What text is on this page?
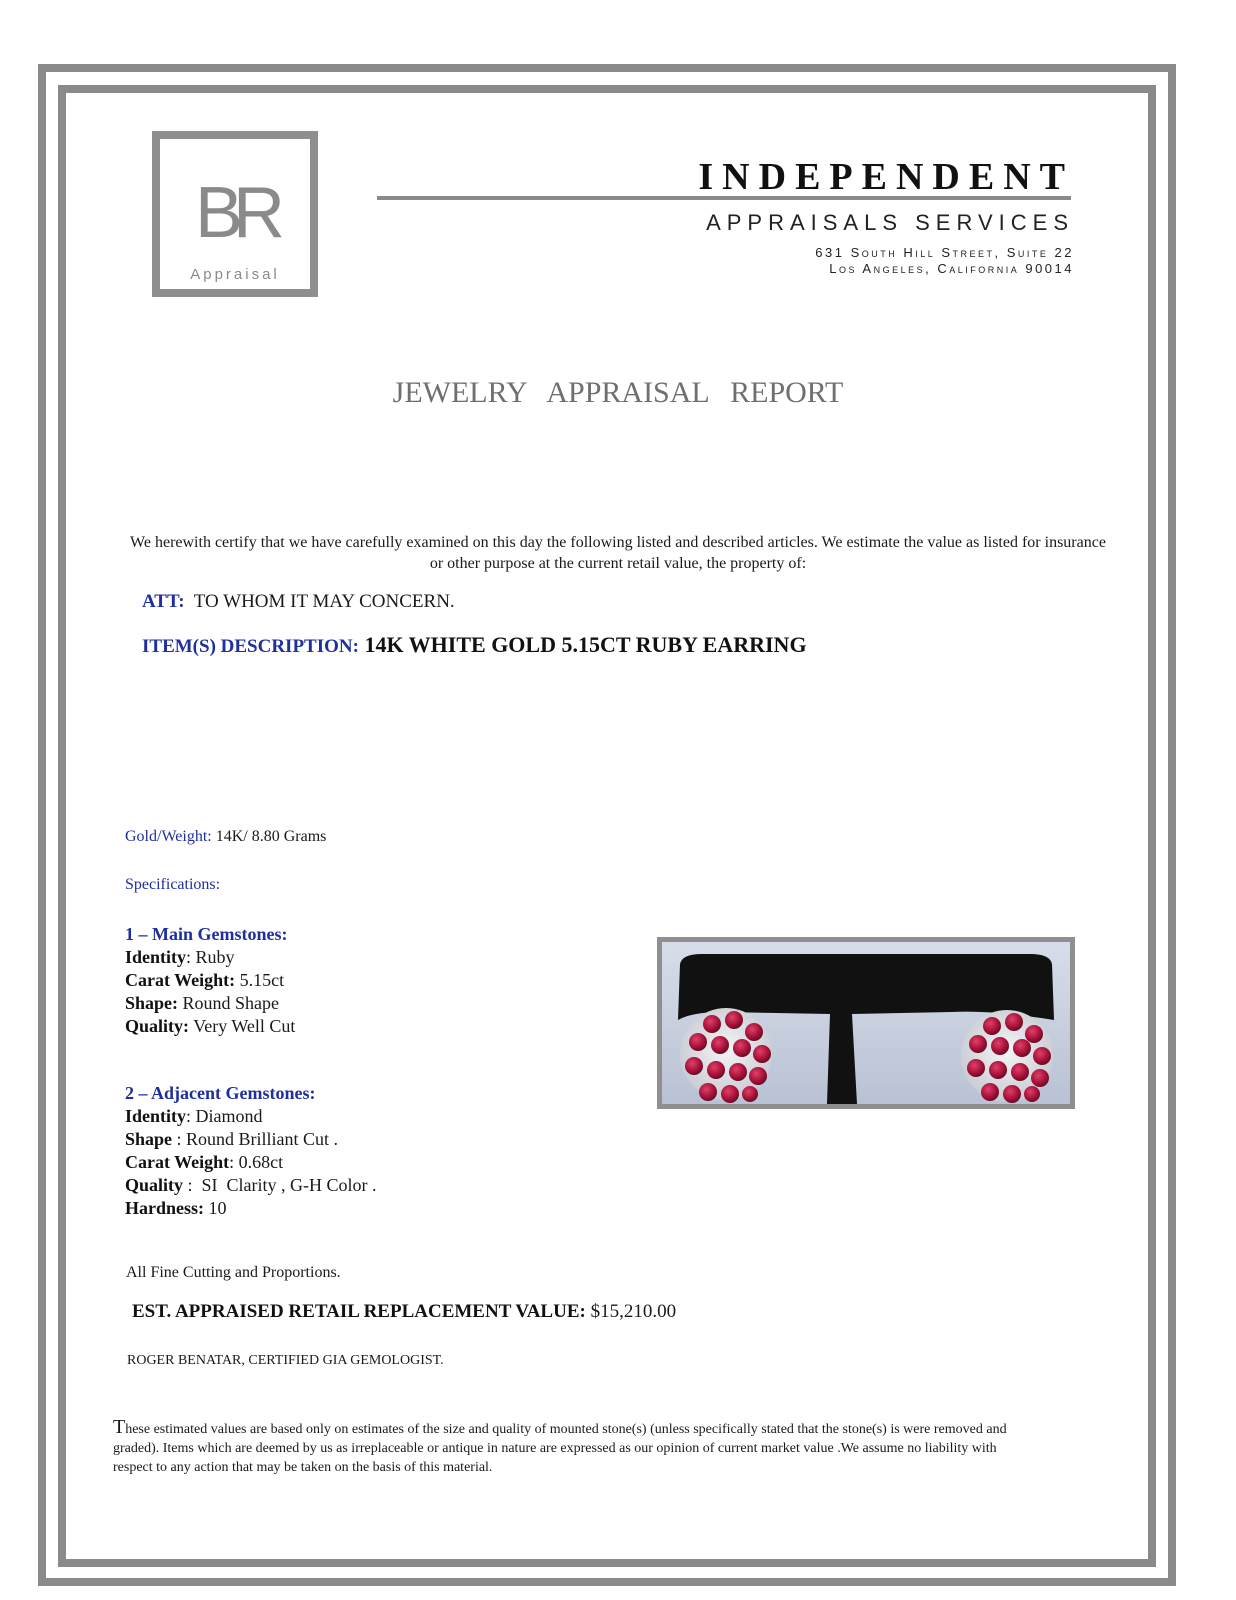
BR
Appraisal
INDEPENDENT
APPRAISALS SERVICES
631 South Hill Street, Suite 22
Los Angeles, California 90014
JEWELRY APPRAISAL REPORT
We herewith certify that we have carefully examined on this day the following listed and described articles. We estimate the value as listed for insurance or other purpose at the current retail value, the property of:
ATT: TO WHOM IT MAY CONCERN.
ITEM(S) DESCRIPTION: 14K WHITE GOLD 5.15CT RUBY EARRING
Gold/Weight: 14K/ 8.80 Grams
Specifications:
1 – Main Gemstones:
Identity: Ruby
Carat Weight: 5.15ct
Shape: Round Shape
Quality: Very Well Cut
2 – Adjacent Gemstones:
Identity: Diamond
Shape : Round Brilliant Cut .
Carat Weight: 0.68ct
Quality :  SI  Clarity , G-H Color .
Hardness: 10
All Fine Cutting and Proportions.
EST. APPRAISED RETAIL REPLACEMENT VALUE: $15,210.00
ROGER BENATAR, CERTIFIED GIA GEMOLOGIST.
These estimated values are based only on estimates of the size and quality of mounted stone(s) (unless specifically stated that the stone(s) is were removed and graded). Items which are deemed by us as irreplaceable or antique in nature are expressed as our opinion of current market value .We assume no liability with respect to any action that may be taken on the basis of this material.
